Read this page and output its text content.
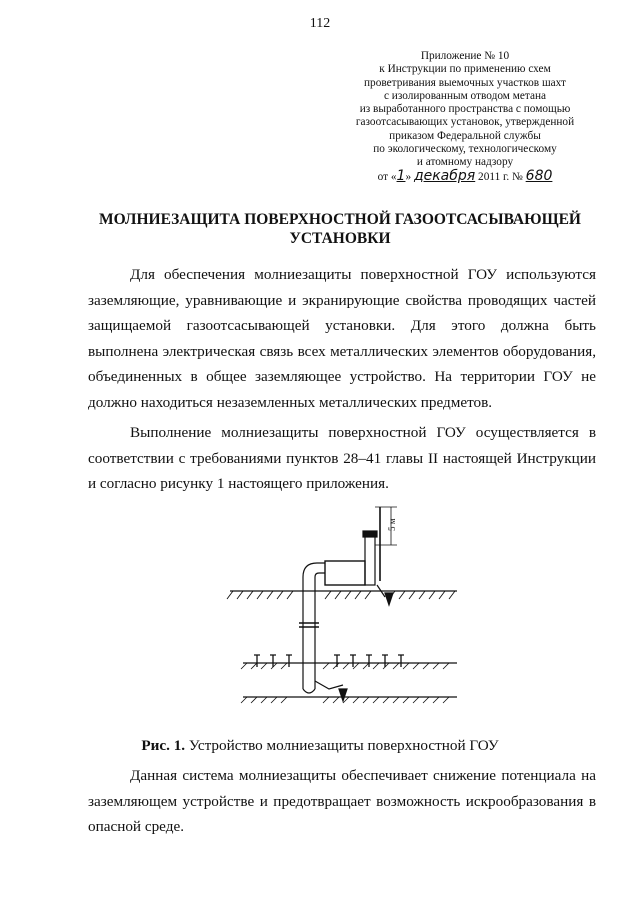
112
Приложение № 10
к Инструкции по применению схем
проветривания выемочных участков шахт
с изолированным отводом метана
из выработанного пространства с помощью
газоотсасывающих установок, утвержденной
приказом Федеральной службы
по экологическому, технологическому
и атомному надзору
от «1» декабря 2011 г. № 680
МОЛНИЕЗАЩИТА ПОВЕРХНОСТНОЙ ГАЗООТСАСЫВАЮЩЕЙ
УСТАНОВКИ
Для обеспечения молниезащиты поверхностной ГОУ используются заземляющие, уравнивающие и экранирующие свойства проводящих частей защищаемой газоотсасывающей установки. Для этого должна быть выполнена электрическая связь всех металлических элементов оборудования, объединенных в общее заземляющее устройство. На территории ГОУ не должно находиться незаземленных металлических предметов.
Выполнение молниезащиты поверхностной ГОУ осуществляется в соответствии с требованиями пунктов 28–41 главы II настоящей Инструкции и согласно рисунку 1 настоящего приложения.
5 м
Рис. 1. Устройство молниезащиты поверхностной ГОУ
Данная система молниезащиты обеспечивает снижение потенциала на заземляющем устройстве и предотвращает возможность искрообразования в опасной среде.
